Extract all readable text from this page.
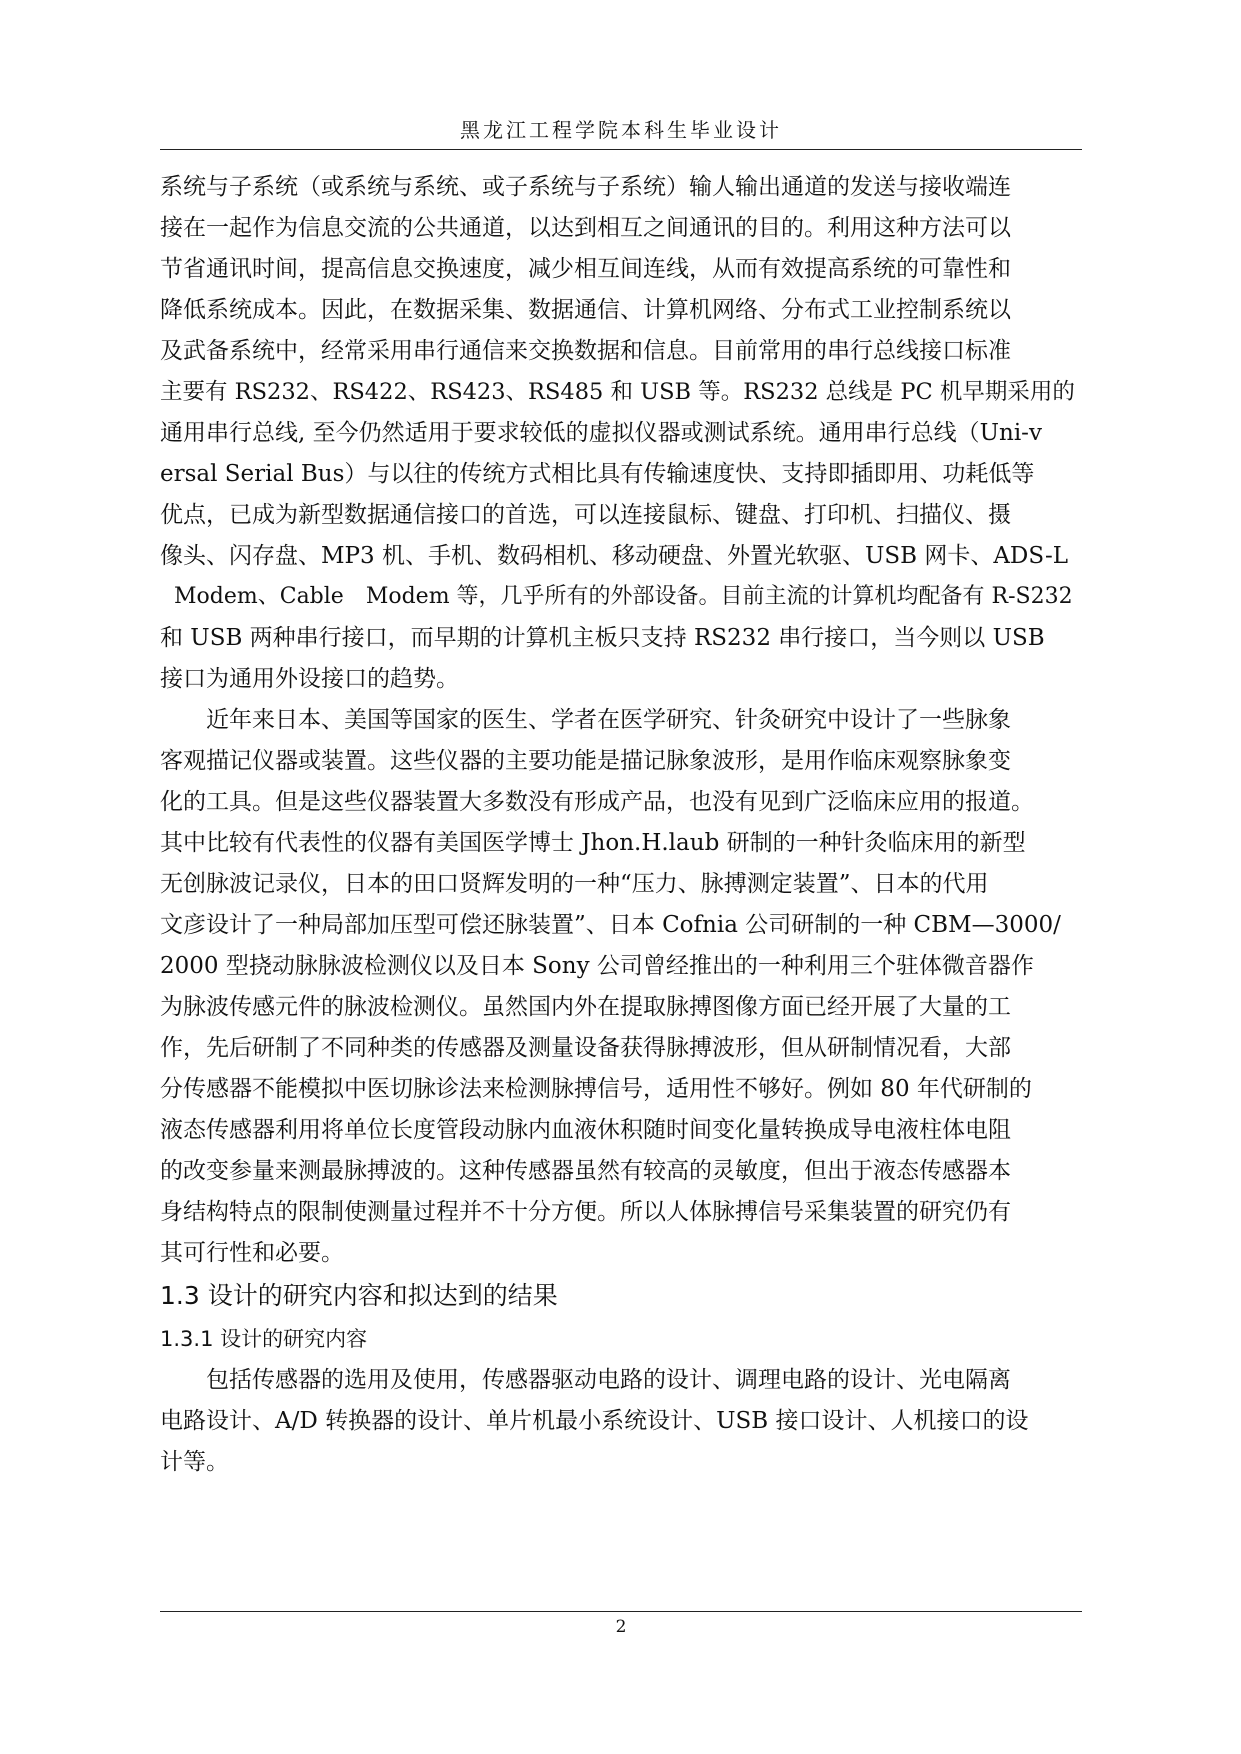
黑龙江工程学院本科生毕业设计
系统与子系统（或系统与系统、或子系统与子系统）输人输出通道的发送与接收端连
接在一起作为信息交流的公共通道，以达到相互之间通讯的目的。利用这种方法可以
节省通讯时间，提高信息交换速度，减少相互间连线，从而有效提高系统的可靠性和
降低系统成本。因此，在数据采集、数据通信、计算机网络、分布式工业控制系统以
及武备系统中，经常采用串行通信来交换数据和信息。目前常用的串行总线接口标准
主要有 RS232、RS422、RS423、RS485 和 USB 等。RS232 总线是 PC 机早期采用的
通用串行总线, 至今仍然适用于要求较低的虚拟仪器或测试系统。通用串行总线（Uni-v
ersal Serial Bus）与以往的传统方式相比具有传输速度快、支持即插即用、功耗低等
优点，已成为新型数据通信接口的首选，可以连接鼠标、键盘、打印机、扫描仪、摄
像头、闪存盘、MP3 机、手机、数码相机、移动硬盘、外置光软驱、USB 网卡、ADS-L
Modem、Cable　Modem 等，几乎所有的外部设备。目前主流的计算机均配备有 R-S232
和 USB 两种串行接口，而早期的计算机主板只支持 RS232 串行接口，当今则以 USB
接口为通用外设接口的趋势。
近年来日本、美国等国家的医生、学者在医学研究、针灸研究中设计了一些脉象
客观描记仪器或装置。这些仪器的主要功能是描记脉象波形，是用作临床观察脉象变
化的工具。但是这些仪器装置大多数没有形成产品，也没有见到广泛临床应用的报道。
其中比较有代表性的仪器有美国医学博士 Jhon.H.laub 研制的一种针灸临床用的新型
无创脉波记录仪，日本的田口贤辉发明的一种“压力、脉搏测定装置”、日本的代用
文彦设计了一种局部加压型可偿还脉装置”、日本 Cofnia 公司研制的一种 CBM—3000/
2000 型挠动脉脉波检测仪以及日本 Sony 公司曾经推出的一种利用三个驻体微音器作
为脉波传感元件的脉波检测仪。虽然国内外在提取脉搏图像方面已经开展了大量的工
作，先后研制了不同种类的传感器及测量设备获得脉搏波形，但从研制情况看，大部
分传感器不能模拟中医切脉诊法来检测脉搏信号，适用性不够好。例如 80 年代研制的
液态传感器利用将单位长度管段动脉内血液休积随时间变化量转换成导电液柱体电阻
的改变参量来测最脉搏波的。这种传感器虽然有较高的灵敏度，但出于液态传感器本
身结构特点的限制使测量过程并不十分方便。所以人体脉搏信号采集装置的研究仍有
其可行性和必要。
1.3 设计的研究内容和拟达到的结果
1.3.1 设计的研究内容
包括传感器的选用及使用，传感器驱动电路的设计、调理电路的设计、光电隔离
电路设计、A/D 转换器的设计、单片机最小系统设计、USB 接口设计、人机接口的设
计等。
2
